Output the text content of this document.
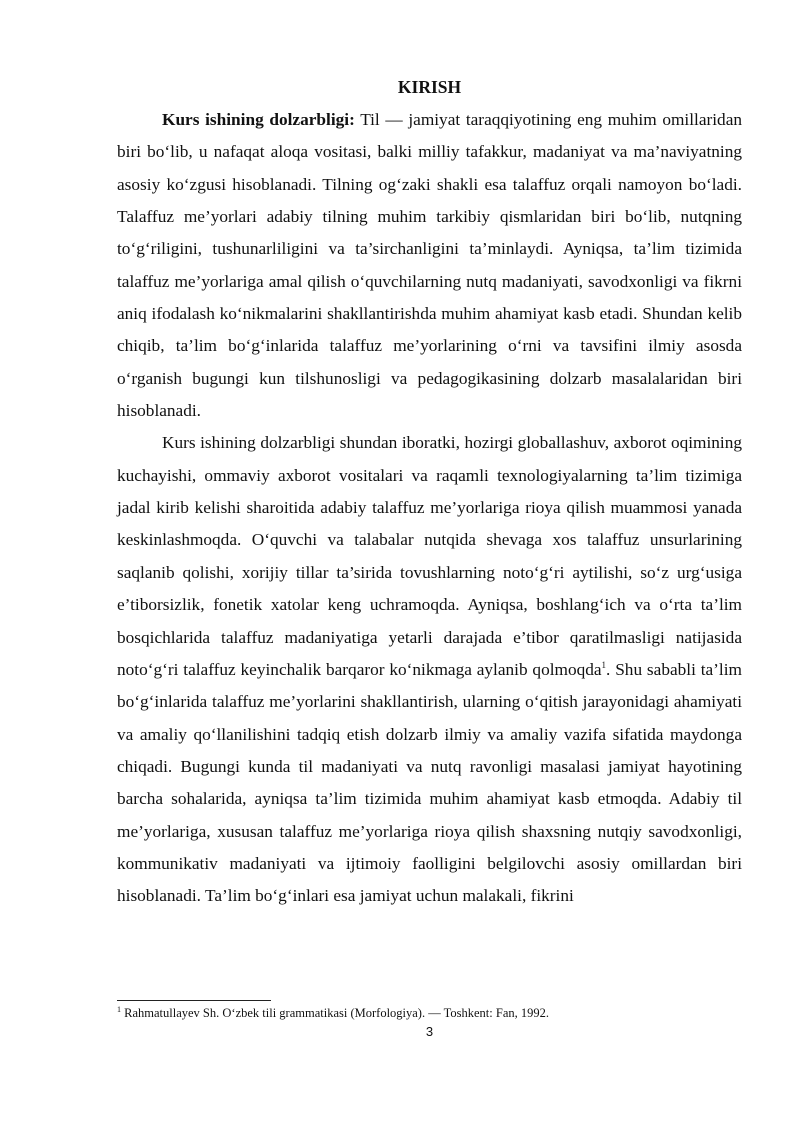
KIRISH

Kurs ishining dolzarbligi: Til — jamiyat taraqqiyotining eng muhim omillaridan biri bo‘lib, u nafaqat aloqa vositasi, balki milliy tafakkur, madaniyat va ma’naviyatning asosiy ko‘zgusi hisoblanadi. Tilning og‘zaki shakli esa talaffuz orqali namoyon bo‘ladi. Talaffuz me’yorlari adabiy tilning muhim tarkibiy qismlaridan biri bo‘lib, nutqning to‘g‘riligini, tushunarliligini va ta’sirchanligini ta’minlaydi. Ayniqsa, ta’lim tizimida talaffuz me’yorlariga amal qilish o‘quvchilarning nutq madaniyati, savodxonligi va fikrni aniq ifodalash ko‘nikmalarini shakllantirishda muhim ahamiyat kasb etadi. Shundan kelib chiqib, ta’lim bo‘g‘inlarida talaffuz me’yorlarining o‘rni va tavsifini ilmiy asosda o‘rganish bugungi kun tilshunosligi va pedagogikasining dolzarb masalalaridan biri hisoblanadi.

Kurs ishining dolzarbligi shundan iboratki, hozirgi globallashuv, axborot oqimining kuchayishi, ommaviy axborot vositalari va raqamli texnologiyalarning ta’lim tizimiga jadal kirib kelishi sharoitida adabiy talaffuz me’yorlariga rioya qilish muammosi yanada keskinlashmoqda. O‘quvchi va talabalar nutqida shevaga xos talaffuz unsurlarining saqlanib qolishi, xorijiy tillar ta’sirida tovushlarning noto‘g‘ri aytilishi, so‘z urg‘usiga e’tiborsizlik, fonetik xatolar keng uchramoqda. Ayniqsa, boshlang‘ich va o‘rta ta’lim bosqichlarida talaffuz madaniyatiga yetarli darajada e’tibor qaratilmasligi natijasida noto‘g‘ri talaffuz keyinchalik barqaror ko‘nikmaga aylanib qolmoqda$^1$. Shu sababli ta’lim bo‘g‘inlarida talaffuz me’yorlarini shakllantirish, ularning o‘qitish jarayonidagi ahamiyati va amaliy qo‘llanilishini tadqiq etish dolzarb ilmiy va amaliy vazifa sifatida maydonga chiqadi. Bugungi kunda til madaniyati va nutq ravonligi masalasi jamiyat hayotining barcha sohalarida, ayniqsa ta’lim tizimida muhim ahamiyat kasb etmoqda. Adabiy til me’yorlariga, xususan talaffuz me’yorlariga rioya qilish shaxsning nutqiy savodxonligi, kommunikativ madaniyati va ijtimoiy faolligini belgilovchi asosiy omillardan biri hisoblanadi. Ta’lim bo‘g‘inlari esa jamiyat uchun malakali, fikrini

$^1$ Rahmatullayev Sh. O‘zbek tili grammatikasi (Morfologiya). — Toshkent: Fan, 1992.

3
